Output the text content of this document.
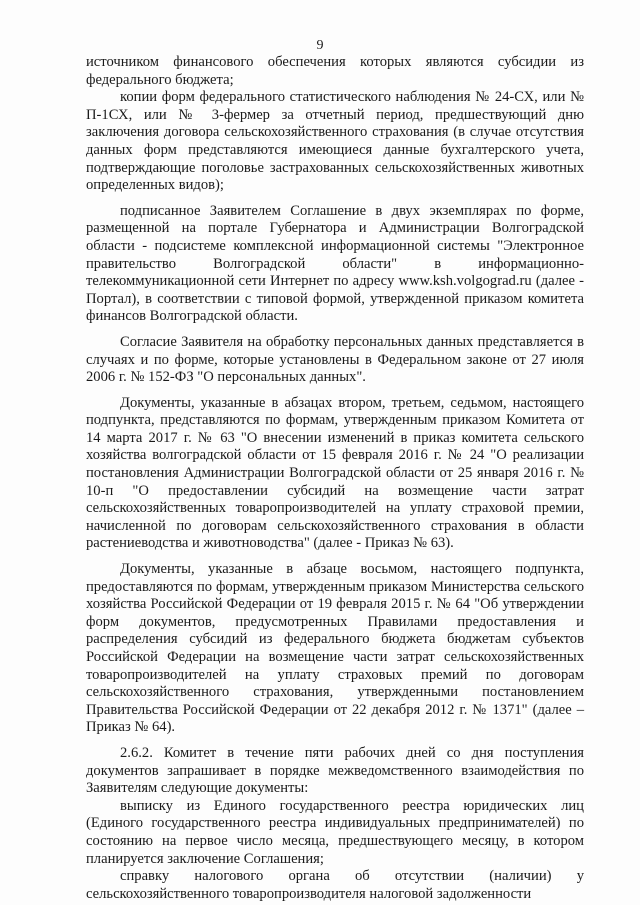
9

источником финансового обеспечения которых являются субсидии из федерального бюджета;

копии форм федерального статистического наблюдения № 24-СХ, или № П-1СХ, или № 3-фермер за отчетный период, предшествующий дню заключения договора сельскохозяйственного страхования (в случае отсутствия данных форм представляются имеющиеся данные бухгалтерского учета, подтверждающие поголовье застрахованных сельскохозяйственных животных определенных видов);

подписанное Заявителем Соглашение в двух экземплярах по форме, размещенной на портале Губернатора и Администрации Волгоградской области - подсистеме комплексной информационной системы "Электронное правительство Волгоградской области" в информационно-телекоммуникационной сети Интернет по адресу www.ksh.volgograd.ru (далее - Портал), в соответствии с типовой формой, утвержденной приказом комитета финансов Волгоградской области.

Согласие Заявителя на обработку персональных данных представляется в случаях и по форме, которые установлены в Федеральном законе от 27 июля 2006 г. № 152-ФЗ "О персональных данных".

Документы, указанные в абзацах втором, третьем, седьмом, настоящего подпункта, представляются по формам, утвержденным приказом Комитета от 14 марта 2017 г. № 63 "О внесении изменений в приказ комитета сельского хозяйства волгоградской области от 15 февраля 2016 г. № 24 "О реализации постановления Администрации Волгоградской области от 25 января 2016 г. № 10-п "О предоставлении субсидий на возмещение части затрат сельскохозяйственных товаропроизводителей на уплату страховой премии, начисленной по договорам сельскохозяйственного страхования в области растениеводства и животноводства" (далее - Приказ № 63).

Документы, указанные в абзаце восьмом, настоящего подпункта, предоставляются по формам, утвержденным приказом Министерства сельского хозяйства Российской Федерации от 19 февраля 2015 г. № 64 "Об утверждении форм документов, предусмотренных Правилами предоставления и распределения субсидий из федерального бюджета бюджетам субъектов Российской Федерации на возмещение части затрат сельскохозяйственных товаропроизводителей на уплату страховых премий по договорам сельскохозяйственного страхования, утвержденными постановлением Правительства Российской Федерации от 22 декабря 2012 г. № 1371" (далее – Приказ № 64).

2.6.2. Комитет в течение пяти рабочих дней со дня поступления документов запрашивает в порядке межведомственного взаимодействия по Заявителям следующие документы:

выписку из Единого государственного реестра юридических лиц (Единого государственного реестра индивидуальных предпринимателей) по состоянию на первое число месяца, предшествующего месяцу, в котором планируется заключение Соглашения;

справку налогового органа об отсутствии (наличии) у сельскохозяйственного товаропроизводителя налоговой задолженности
